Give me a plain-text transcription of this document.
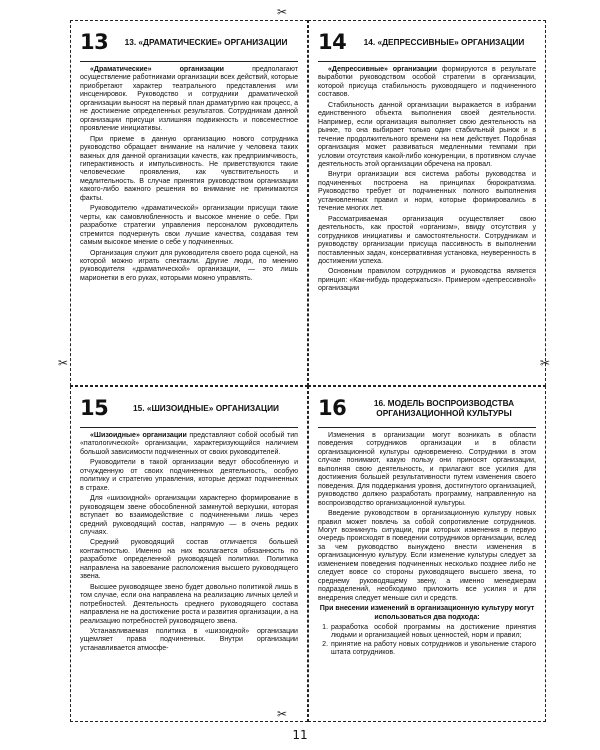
13	13. «ДРАМАТИЧЕСКИЕ» ОРГАНИЗАЦИИ

«Драматические» организации предполагают осуществление работниками организации всех действий, которые приобретают характер театрального представления или инсценировок. Руководство и сотрудники драматической организации выносят на первый план драматургию как процесс, а не достижение определенных результатов. Сотрудникам данной организации присущи излишняя подвижность и повсеместное проявление инициативы.

При приеме в данную организацию нового сотрудника руководство обращает внимание на наличие у человека таких важных для данной организации качеств, как предприимчивость, гиперактивность и импульсивность. Не приветствуются такие человеческие проявления, как чувствительность и медлительность. В случае принятия руководством организации какого-либо важного решения во внимание не принимаются факты.

Руководителю «драматической» организации присущи такие черты, как самовлюбленность и высокое мнение о себе. При разработке стратегии управления персоналом руководитель стремится подчеркнуть свои лучшие качества, создавая тем самым высокое мнение о себе у подчиненных.

Организация служит для руководителя своего рода сценой, на которой можно играть спектакли. Другие люди, по мнению руководителя «драматической» организации, — это лишь марионетки в его руках, которыми можно управлять.

14	14. «ДЕПРЕССИВНЫЕ» ОРГАНИЗАЦИИ

«Депрессивные» организации формируются в результате выработки руководством особой стратегии в организации, которой присуща стабильность руководящего и подчиненного составов.

Стабильность данной организации выражается в избрании единственного объекта выполнения своей деятельности. Например, если организация выполняет свою деятельность на рынке, то она выбирает только один стабильный рынок и в течение продолжительного времени на нем действует. Подобная организация может развиваться медленными темпами при условии отсутствия какой-либо конкуренции, в противном случае деятельность этой организации обречена на провал.

Внутри организации вся система работы руководства и подчиненных построена на принципах бюрократизма. Руководство требует от подчиненных полного выполнения установленных правил и норм, которые формировались в течение многих лет.

Рассматриваемая организация осуществляет свою деятельность, как простой «организм», ввиду отсутствия у сотрудников инициативы и самостоятельности. Сотрудникам и руководству организации присуща пассивность в выполнении поставленных задач, консервативная установка, неуверенность в достижении успеха.

Основным правилом сотрудников и руководства является принцип: «Как-нибудь продержаться». Примером «депрессивной» организации

15	15. «ШИЗОИДНЫЕ» ОРГАНИЗАЦИИ

«Шизоидные» организации представляют собой особый тип «патологической» организации, характеризующийся наличием большой зависимости подчиненных от своих руководителей.

Руководители в такой организации ведут обособленную и отчужденную от своих подчиненных деятельность, особую политику и стратегию управления, которые держат подчиненных в страхе.

Для «шизоидной» организации характерно формирование в руководящем звене обособленной замкнутой верхушки, которая вступает во взаимодействие с подчиненными лишь через средний руководящий состав, напрямую — в очень редких случаях.

Средний руководящий состав отличается большей контактностью. Именно на них возлагается обязанность по разработке определенной руководящей политики. Политика направлена на завоевание расположения высшего руководящего звена.

Высшее руководящее звено будет довольно политикой лишь в том случае, если она направлена на реализацию личных целей и потребностей. Деятельность среднего руководящего состава направлена не на достижение роста и развития организации, а на реализацию потребностей руководящего звена.

Устанавливаемая политика в «шизоидной» организации ущемляет права подчиненных. Внутри организации устанавливается атмосфе-

16	16. МОДЕЛЬ ВОСПРОИЗВОДСТВА ОРГАНИЗАЦИОННОЙ КУЛЬТУРЫ

Изменения в организации могут возникать в области поведения сотрудников организации и в области организационной культуры одновременно. Сотрудники в этом случае понимают, какую пользу они приносят организации, выполняя свою деятельность, и прилагают все усилия для достижения большей результативности путем изменения своего поведения. Для поддержания уровня, достигнутого организацией, руководство должно разработать программу, направленную на воспроизводство организационной культуры.

Введение руководством в организационную культуру новых правил может повлечь за собой сопротивление сотрудников. Могут возникнуть ситуации, при которых изменения в первую очередь происходят в поведении сотрудников организации, вслед за чем руководство вынуждено внести изменения в организационную культуру. Если изменение культуры следует за изменением поведения подчиненных несколько позднее либо не следует вовсе со стороны руководящего высшего звена, то среднему руководящему звену, а именно менеджерам подразделений, необходимо приложить все усилия и для внедрения следует меньше сил и средств.

При внесении изменений в организационную культуру могут использоваться два подхода:

1. разработка особой программы на достижение принятия людьми и организацией новых ценностей, норм и правил;
2. принятие на работу новых сотрудников и увольнение старого штата сотрудников.
✂
✂	✂
✂
11
